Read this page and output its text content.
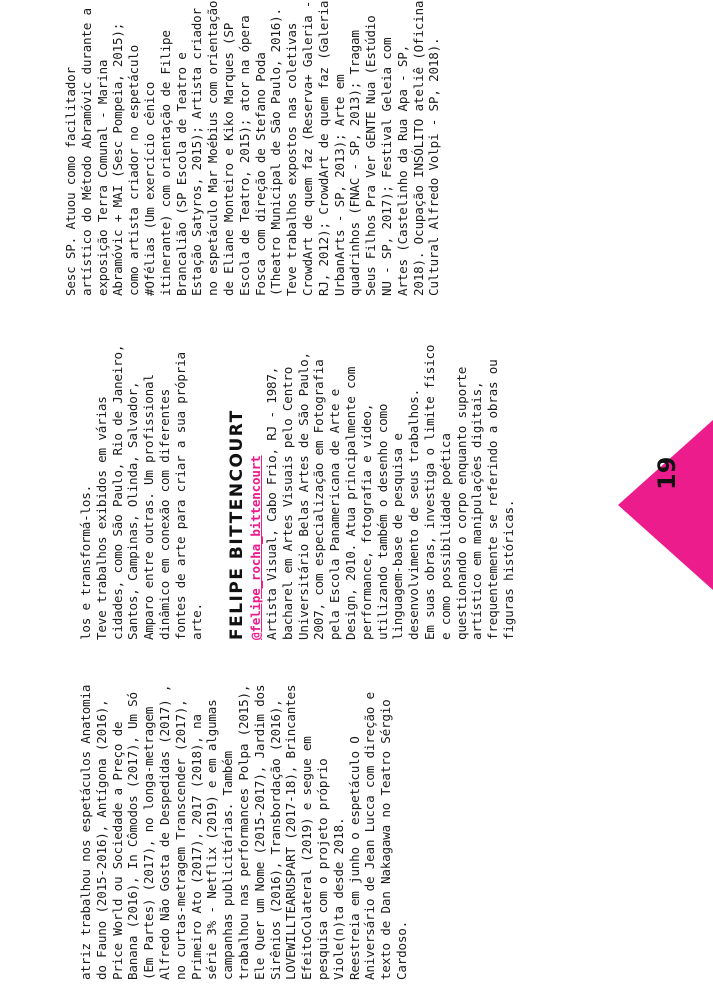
19

atriz trabalhou nos espetáculos Anatomia do Fauno (2015-2016), Antígona (2016), Price World ou Sociedade a Preço de Banana (2016), In Cômodos (2017), Um Só (Em Partes) (2017), no longa-metragem Alfredo Não Gosta de Despedidas (2017) , no curtas-metragem Transcender (2017), Primeiro Ato (2017), 2017 (2018), na série 3% - Netflix (2019) e em algumas campanhas publicitárias. Também trabalhou nas performances Polpa (2015), Ele Quer um Nome (2015-2017), Jardim dos Sirênios (2016), Transbordação (2016), LOVEWILLTEARUSPART (2017-18), Brincantes EfeitoColateral (2019) e segue em pesquisa com o projeto próprio Viole(n)ta desde 2018. Reestreia em junho o espetáculo O Aniversário de Jean Lucca com direção e texto de Dan Nakagawa no Teatro Sérgio Cardoso.

los e transformá-los. Teve trabalhos exibidos em várias cidades, como São Paulo, Rio de Janeiro, Santos, Campinas, Olinda, Salvador, Amparo entre outras. Um profissional dinâmico em conexão com diferentes fontes de arte para criar a sua própria arte. FELIPE BITTENCOURT @felipe_rocha_bittencourt Artista Visual, Cabo Frio, RJ - 1987, bacharel em Artes Visuais pelo Centro Universitário Belas Artes de São Paulo, 2007, com especialização em Fotografia pela Escola Panamericana de Arte e Design, 2010. Atua principalmente com performance, fotografia e vídeo, utilizando também o desenho como linguagem-base de pesquisa e desenvolvimento de seus trabalhos. Em suas obras, investiga o limite físico e como possibilidade poética questionando o corpo enquanto suporte artístico em manipulações digitais, frequentemente se referindo a obras ou figuras históricas.

Sesc SP. Atuou como facilitador artístico do Método Abramóvic durante a exposição Terra Comunal - Marina Abramóvic + MAI (Sesc Pompeia, 2015); como artista criador no espetáculo #Ofélias (Um exercício cênico itinerante) com orientação de Filipe Brancalião (SP Escola de Teatro e Estação Satyros, 2015); Artista criador no espetáculo Mar Moébius com orientação de Eliane Monteiro e Kiko Marques (SP Escola de Teatro, 2015); ator na ópera Fosca com direção de Stefano Poda (Theatro Municipal de São Paulo, 2016). Teve trabalhos expostos nas coletivas CrowdArt de quem faz (Reserva+ Galeria - RJ, 2012); CrowdArt de quem faz (Galeria UrbanArts - SP, 2013); Arte em quadrinhos (FNAC - SP, 2013); Tragam Seus Filhos Pra Ver GENTE Nua (Estúdio NU - SP, 2017); Festival Geleia com Artes (Castelinho da Rua Apa - SP, 2018). Ocupação INSÓLITO ateliê (Oficina Cultural Alfredo Volpi - SP, 2018).
